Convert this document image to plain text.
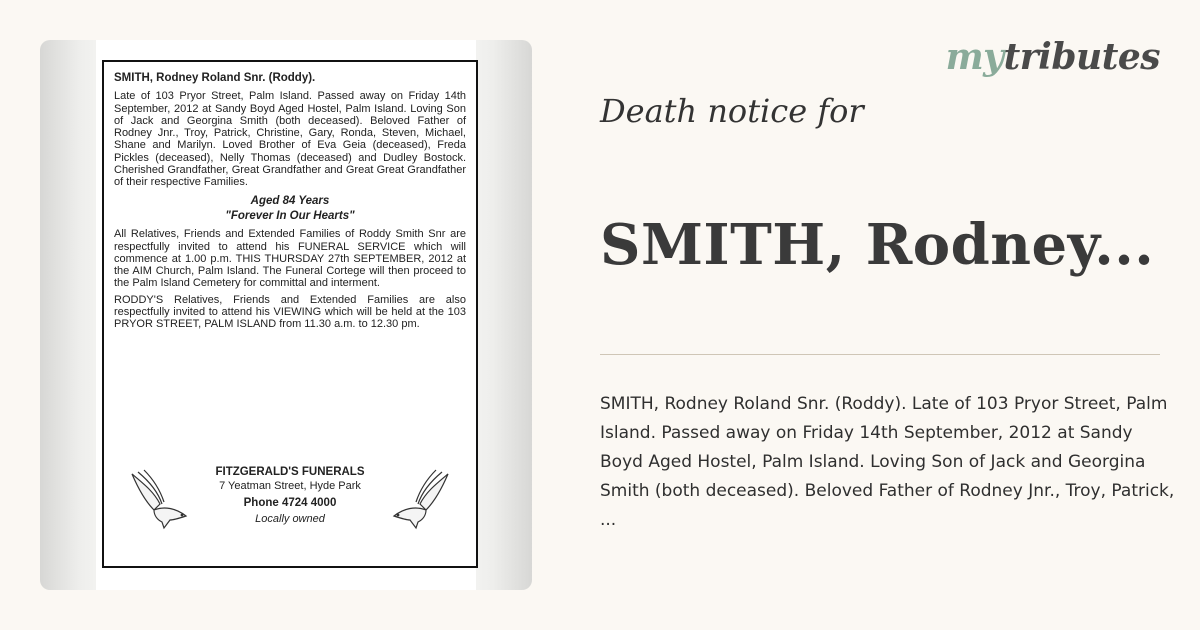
SMITH, Rodney Roland Snr. (Roddy).

Late of 103 Pryor Street, Palm Island. Passed away on Friday 14th September, 2012 at Sandy Boyd Aged Hostel, Palm Island. Loving Son of Jack and Georgina Smith (both deceased). Beloved Father of Rodney Jnr., Troy, Patrick, Christine, Gary, Ronda, Steven, Michael, Shane and Marilyn. Loved Brother of Eva Geia (deceased), Freda Pickles (deceased), Nelly Thomas (deceased) and Dudley Bostock. Cherished Grandfather, Great Grandfather and Great Great Grandfather of their respective Families.

Aged 84 Years

"Forever In Our Hearts"

All Relatives, Friends and Extended Families of Roddy Smith Snr are respectfully invited to attend his FUNERAL SERVICE which will commence at 1.00 p.m. THIS THURSDAY 27th SEPTEMBER, 2012 at the AIM Church, Palm Island. The Funeral Cortege will then proceed to the Palm Island Cemetery for committal and interment.

RODDY'S Relatives, Friends and Extended Families are also respectfully invited to attend his VIEWING which will be held at the 103 PRYOR STREET, PALM ISLAND from 11.30 a.m. to 12.30 pm.

FITZGERALD'S FUNERALS

7 Yeatman Street, Hyde Park

Phone 4724 4000

Locally owned

mytributes
Death notice for
SMITH, Rodney...

SMITH, Rodney Roland Snr. (Roddy). Late of 103 Pryor Street, Palm Island. Passed away on Friday 14th September, 2012 at Sandy Boyd Aged Hostel, Palm Island. Loving Son of Jack and Georgina Smith (both deceased). Beloved Father of Rodney Jnr., Troy, Patrick,

...
